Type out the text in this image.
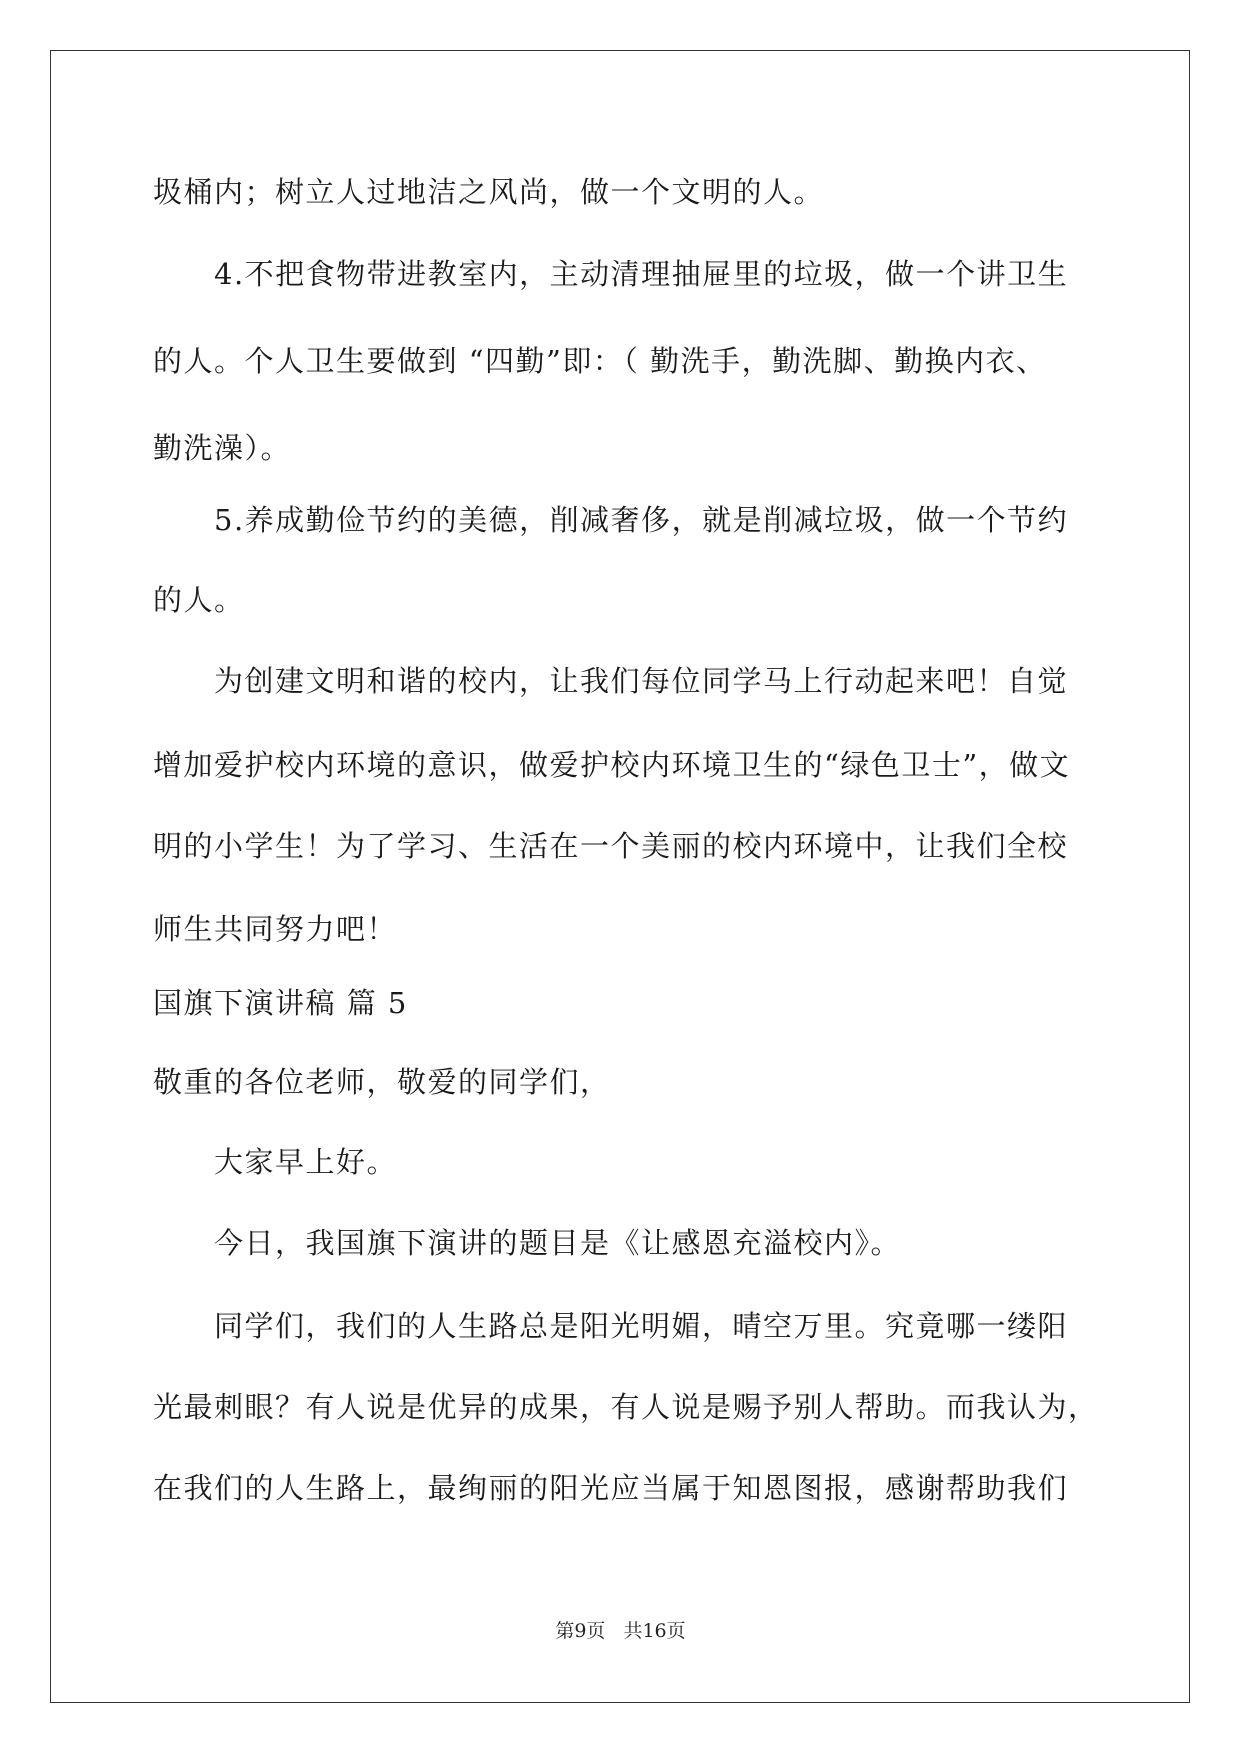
圾桶内；树立人过地洁之风尚，做一个文明的人。
4.不把食物带进教室内，主动清理抽屉里的垃圾，做一个讲卫生
的人。个人卫生要做到 “四勤”即：（ 勤洗手，勤洗脚、勤换内衣、
勤洗澡）。
5.养成勤俭节约的美德，削减奢侈，就是削减垃圾，做一个节约
的人。
为创建文明和谐的校内，让我们每位同学马上行动起来吧！自觉
增加爱护校内环境的意识，做爱护校内环境卫生的“绿色卫士”，做文
明的小学生！为了学习、生活在一个美丽的校内环境中，让我们全校
师生共同努力吧！
国旗下演讲稿 篇 5
敬重的各位老师，敬爱的同学们，
大家早上好。
今日，我国旗下演讲的题目是《让感恩充溢校内》。
同学们，我们的人生路总是阳光明媚，晴空万里。究竟哪一缕阳
光最刺眼？有人说是优异的成果，有人说是赐予别人帮助。而我认为，
在我们的人生路上，最绚丽的阳光应当属于知恩图报，感谢帮助我们
第9页 共16页
